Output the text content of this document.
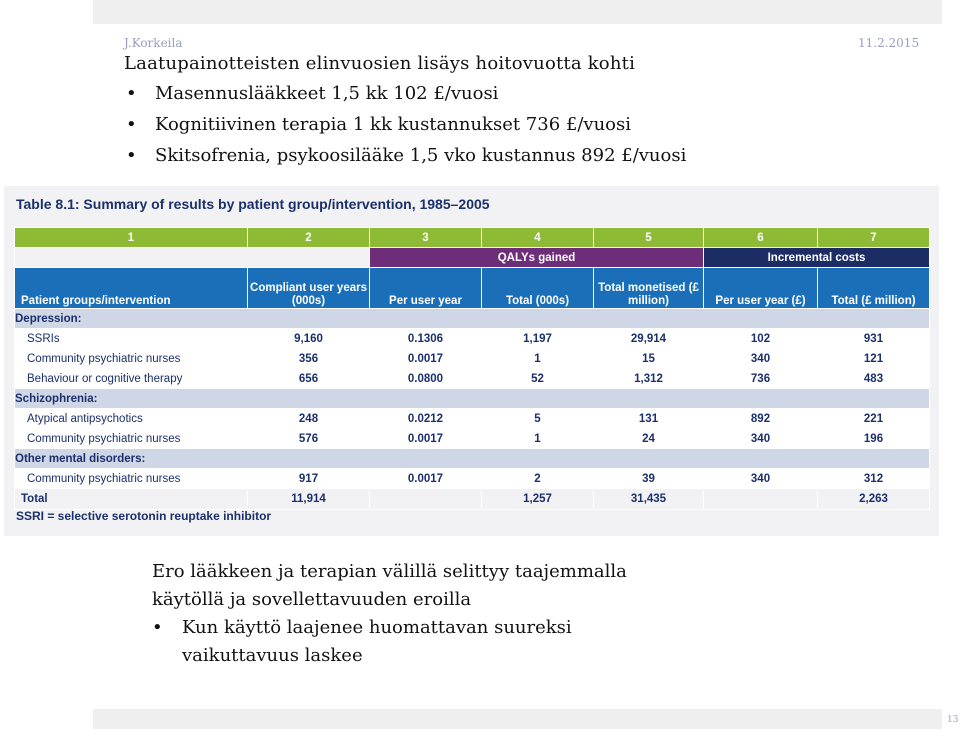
J.Korkeila	11.2.2015
13
Laatupainotteisten elinvuosien lisäys hoitovuotta kohti
• Masennuslääkkeet 1,5 kk 102 £/vuosi
• Kognitiivinen terapia 1 kk kustannukset 736 £/vuosi
• Skitsofrenia, psykoosilääke 1,5 vko kustannus 892 £/vuosi
Table 8.1: Summary of results by patient group/intervention, 1985–2005
1	2	3	4	5	6	7
		QALYs gained			Incremental costs	
Patient groups/intervention	Compliant user years (000s)	Per user year	Total (000s)	Total monetised (£ million)	Per user year (£)	Total (£ million)
Depression:						
SSRIs	9,160	0.1306	1,197	29,914	102	931
Community psychiatric nurses	356	0.0017	1	15	340	121
Behaviour or cognitive therapy	656	0.0800	52	1,312	736	483
Schizophrenia:						
Atypical antipsychotics	248	0.0212	5	131	892	221
Community psychiatric nurses	576	0.0017	1	24	340	196
Other mental disorders:						
Community psychiatric nurses	917	0.0017	2	39	340	312
Total	11,914		1,257	31,435		2,263
SSRI = selective serotonin reuptake inhibitor
Ero lääkkeen ja terapian välillä selittyy taajemmalla käytöllä ja sovellettavuuden eroilla
• Kun käyttö laajenee huomattavan suureksi vaikuttavuus laskee
